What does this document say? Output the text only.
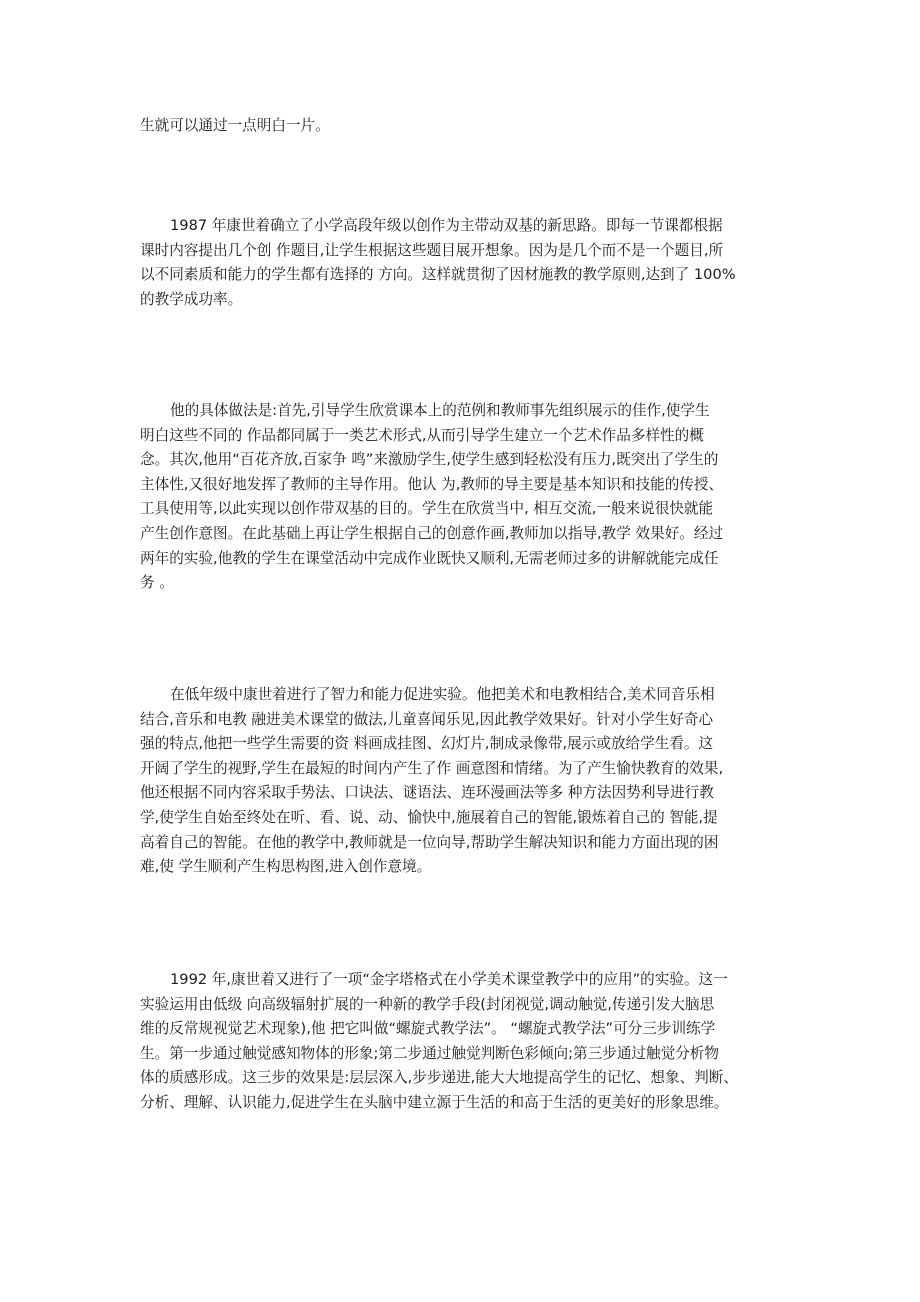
生就可以通过一点明白一片。
1987 年康世着确立了小学高段年级以创作为主带动双基的新思路。即每一节课都根据
课时内容提出几个创 作题目,让学生根据这些题目展开想象。因为是几个而不是一个题目,所
以不同素质和能力的学生都有选择的 方向。这样就贯彻了因材施教的教学原则,达到了 100%
的教学成功率。
他的具体做法是:首先,引导学生欣赏课本上的范例和教师事先组织展示的佳作,使学生
明白这些不同的 作品都同属于一类艺术形式,从而引导学生建立一个艺术作品多样性的概
念。其次,他用“百花齐放,百家争 鸣”来激励学生,使学生感到轻松没有压力,既突出了学生的
主体性,又很好地发挥了教师的主导作用。他认 为,教师的导主要是基本知识和技能的传授、
工具使用等,以此实现以创作带双基的目的。学生在欣赏当中, 相互交流,一般来说很快就能
产生创作意图。在此基础上再让学生根据自己的创意作画,教师加以指导,教学 效果好。经过
两年的实验,他教的学生在课堂活动中完成作业既快又顺利,无需老师过多的讲解就能完成任
务 。
在低年级中康世着进行了智力和能力促进实验。他把美术和电教相结合,美术同音乐相
结合,音乐和电教 融进美术课堂的做法,儿童喜闻乐见,因此教学效果好。针对小学生好奇心
强的特点,他把一些学生需要的资 料画成挂图、幻灯片,制成录像带,展示或放给学生看。这
开阔了学生的视野,学生在最短的时间内产生了作 画意图和情绪。为了产生愉快教育的效果,
他还根据不同内容采取手势法、口诀法、谜语法、连环漫画法等多 种方法因势利导进行教
学,使学生自始至终处在听、看、说、动、愉快中,施展着自己的智能,锻炼着自己的 智能,提
高着自己的智能。在他的教学中,教师就是一位向导,帮助学生解决知识和能力方面出现的困
难,使 学生顺利产生构思构图,进入创作意境。
1992 年,康世着又进行了一项“金字塔格式在小学美术课堂教学中的应用”的实验。这一
实验运用由低级 向高级辐射扩展的一种新的教学手段(封闭视觉,调动触觉,传递引发大脑思
维的反常规视觉艺术现象),他 把它叫做“螺旋式教学法”。 “螺旋式教学法”可分三步训练学
生。第一步通过触觉感知物体的形象;第二步通过触觉判断色彩倾向;第三步通过触觉分析物
体的质感形成。这三步的效果是:层层深入,步步递进,能大大地提高学生的记忆、想象、判断、
分析、理解、认识能力,促进学生在头脑中建立源于生活的和高于生活的更美好的形象思维。
